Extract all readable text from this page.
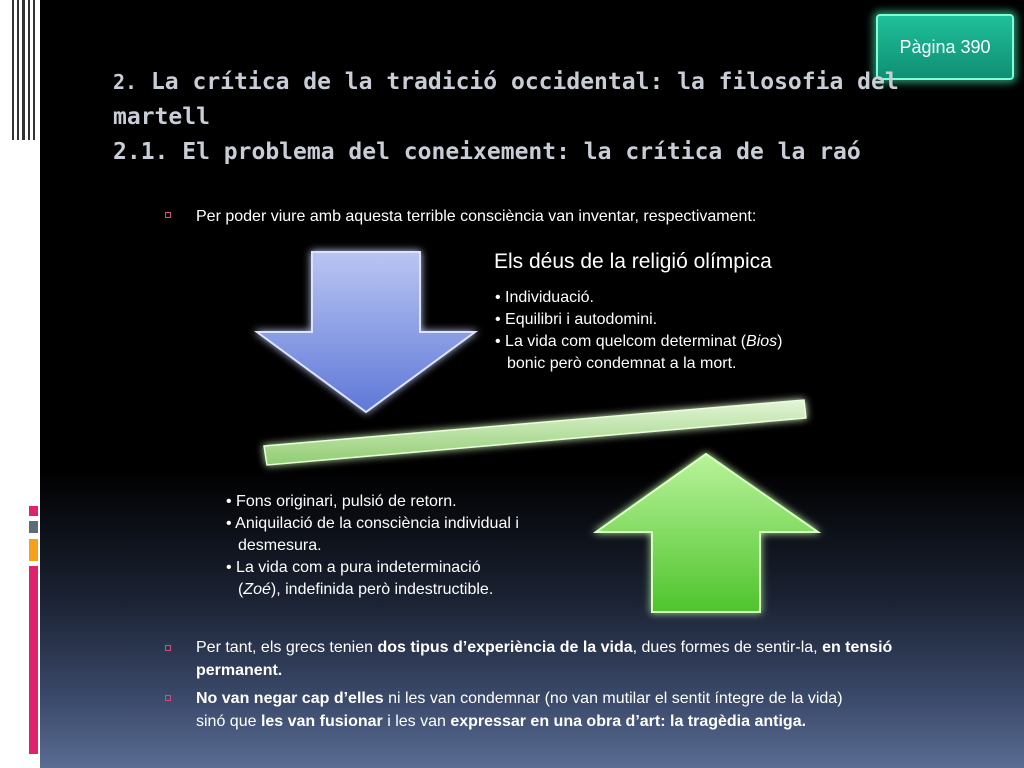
Pàgina 390
2. La crítica de la tradició occidental: la filosofia del
martell
2.1. El problema del coneixement: la crítica de la raó
Per poder viure amb aquesta terrible consciència van inventar, respectivament:
Els déus de la religió olímpica
• Individuació.
• Equilibri i autodomini.
• La vida com quelcom determinat (Bios)
bonic però condemnat a la mort.
• Fons originari, pulsió de retorn.
• Aniquilació de la consciència individual i
desmesura.
• La vida com a pura indeterminació
(Zoé), indefinida però indestructible.
Per tant, els grecs tenien dos tipus d’experiència de la vida, dues formes de sentir-la, en tensió permanent.
No van negar cap d’elles ni les van condemnar (no van mutilar el sentit íntegre de la vida)
sinó que les van fusionar i les van expressar en una obra d’art: la tragèdia antiga.
